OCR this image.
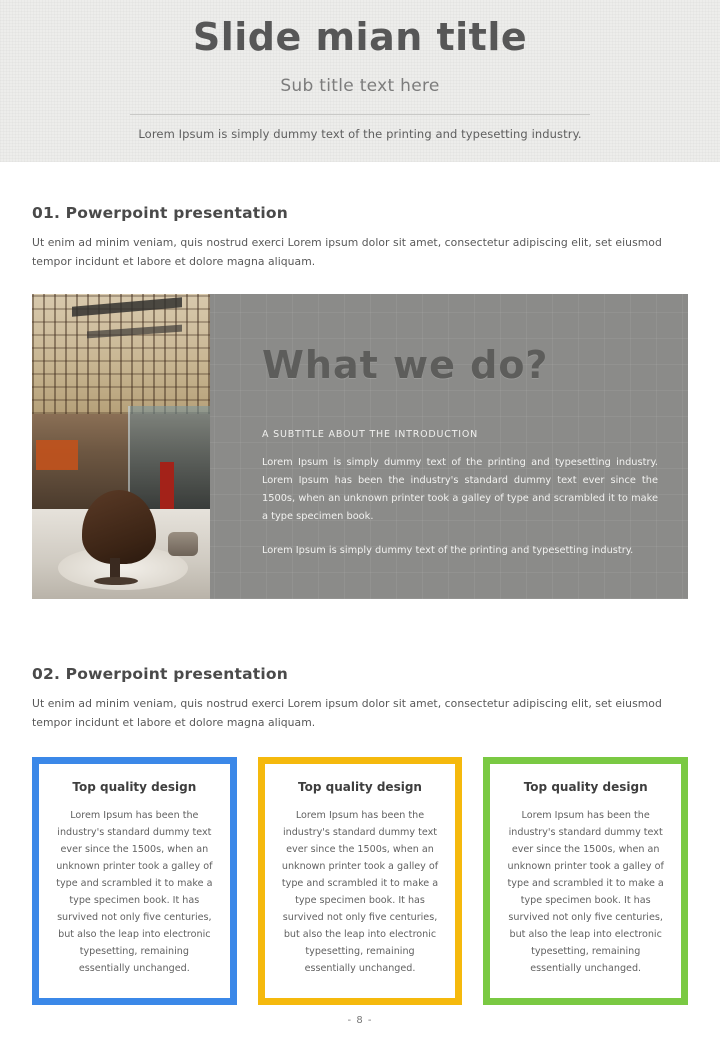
Slide mian title
Sub title text here
Lorem Ipsum is simply dummy text of the printing and typesetting industry.
01. Powerpoint presentation

Ut enim ad minim veniam, quis nostrud exerci Lorem ipsum dolor sit amet, consectetur adipiscing elit, set eiusmod tempor incidunt et labore et dolore magna aliquam.

What we do?
A SUBTITLE ABOUT THE INTRODUCTION
Lorem Ipsum is simply dummy text of the printing and typesetting industry. Lorem Ipsum has been the industry's standard dummy text ever since the 1500s, when an unknown printer took a galley of type and scrambled it to make a type specimen book.
Lorem Ipsum is simply dummy text of the printing and typesetting industry.
02. Powerpoint presentation

Ut enim ad minim veniam, quis nostrud exerci Lorem ipsum dolor sit amet, consectetur adipiscing elit, set eiusmod tempor incidunt et labore et dolore magna aliquam.

Top quality design
Lorem Ipsum has been the industry's standard dummy text ever since the 1500s, when an unknown printer took a galley of type and scrambled it to make a type specimen book. It has survived not only five centuries, but also the leap into electronic typesetting, remaining essentially unchanged.
Top quality design
Lorem Ipsum has been the industry's standard dummy text ever since the 1500s, when an unknown printer took a galley of type and scrambled it to make a type specimen book. It has survived not only five centuries, but also the leap into electronic typesetting, remaining essentially unchanged.
Top quality design
Lorem Ipsum has been the industry's standard dummy text ever since the 1500s, when an unknown printer took a galley of type and scrambled it to make a type specimen book. It has survived not only five centuries, but also the leap into electronic typesetting, remaining essentially unchanged.
- 8 -
